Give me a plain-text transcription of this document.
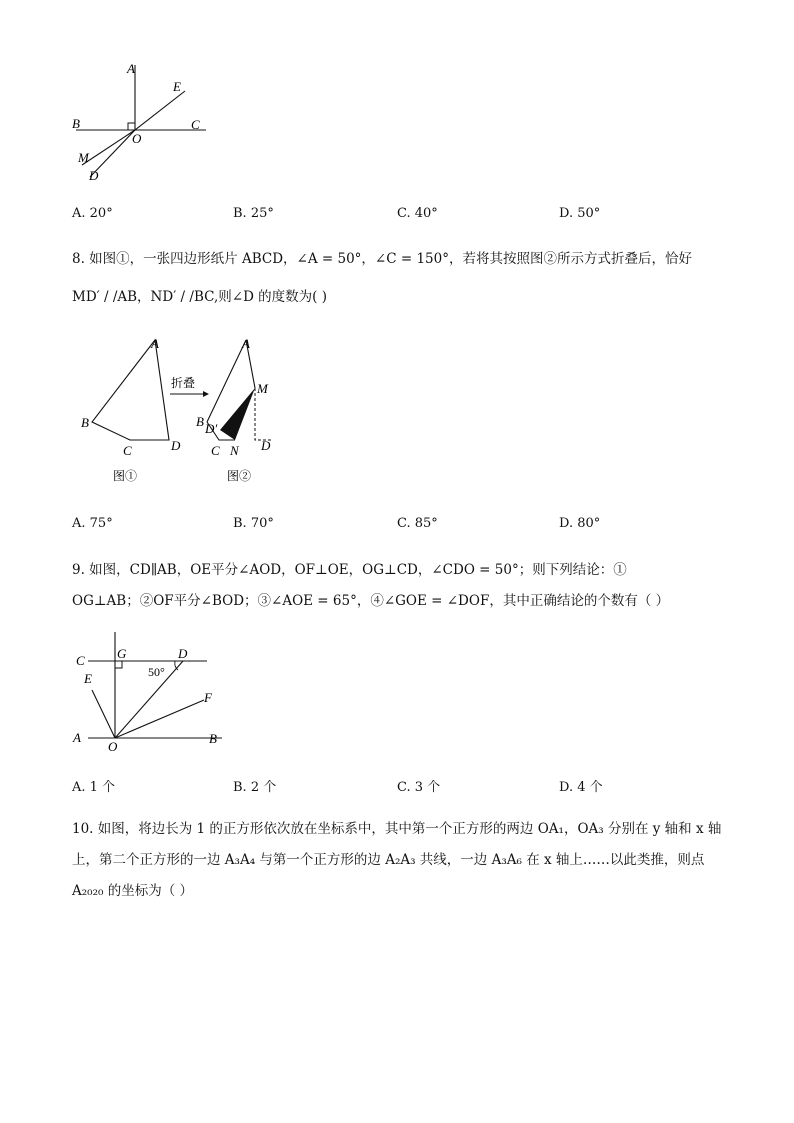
A
E
B	C
O
M
D
A. 20°	B. 25°	C. 40°	D. 50°
8. 如图①，一张四边形纸片 ABCD，∠A = 50°，∠C = 150°，若将其按照图②所示方式折叠后，恰好
MD′ / /AB，ND′ / /BC,则∠D 的度数为( )
A
B
C	D
图①
折叠
A
M
B D′
D
C N
图②
A. 75°	B. 70°	C. 85°	D. 80°
9. 如图，CD∥AB，OE平分∠AOD，OF⊥OE，OG⊥CD，∠CDO = 50°；则下列结论：①
OG⊥AB；②OF平分∠BOD；③∠AOE = 65°，④∠GOE = ∠DOF，其中正确结论的个数有（ ）
C G	D
50°
E
F
A
O
B
A. 1 个	B. 2 个	C. 3 个	D. 4 个
10. 如图，将边长为 1 的正方形依次放在坐标系中，其中第一个正方形的两边 OA₁，OA₃ 分别在 y 轴和 x 轴
上，第二个正方形的一边 A₃A₄ 与第一个正方形的边 A₂A₃ 共线，一边 A₃A₆ 在 x 轴上……以此类推，则点
A₂₀₂₀ 的坐标为（ ）
